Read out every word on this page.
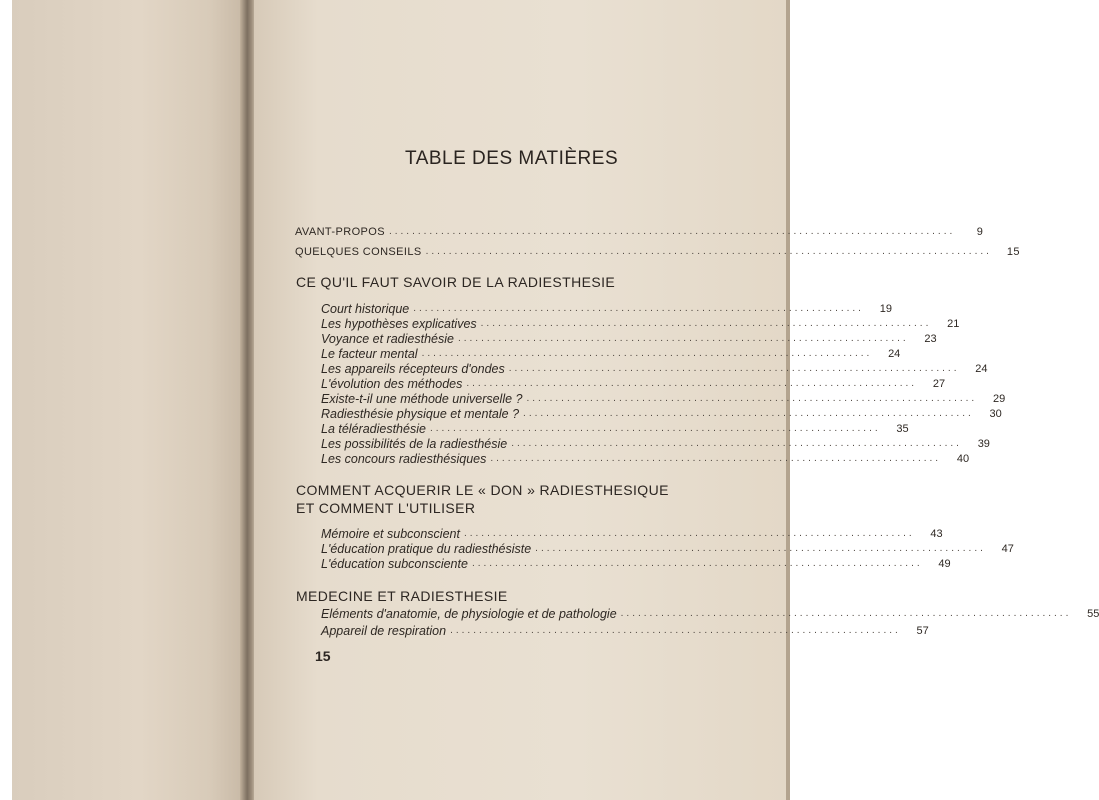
TABLE DES MATIÈRES
AVANT-PROPOS ..................................................................................................	9
QUELQUES CONSEILS ..................................................................................................	15
CE QU'IL FAUT SAVOIR DE LA RADIESTHESIE
Court historique ..............................................................................	19
Les hypothèses explicatives ..............................................................................	21
Voyance et radiesthésie ..............................................................................	23
Le facteur mental ..............................................................................	24
Les appareils récepteurs d'ondes ..............................................................................	24
L'évolution des méthodes ..............................................................................	27
Existe-t-il une méthode universelle ? ..............................................................................	29
Radiesthésie physique et mentale ? ..............................................................................	30
La téléradiesthésie ..............................................................................	35
Les possibilités de la radiesthésie ..............................................................................	39
Les concours radiesthésiques ..............................................................................	40
COMMENT ACQUERIR LE « DON » RADIESTHESIQUE
ET COMMENT L'UTILISER
Mémoire et subconscient ..............................................................................	43
L'éducation pratique du radiesthésiste ..............................................................................	47
L'éducation subconsciente ..............................................................................	49
MEDECINE ET RADIESTHESIE
Eléments d'anatomie, de physiologie et de pathologie ..............................................................................	55
Appareil de respiration ..............................................................................	57
15
